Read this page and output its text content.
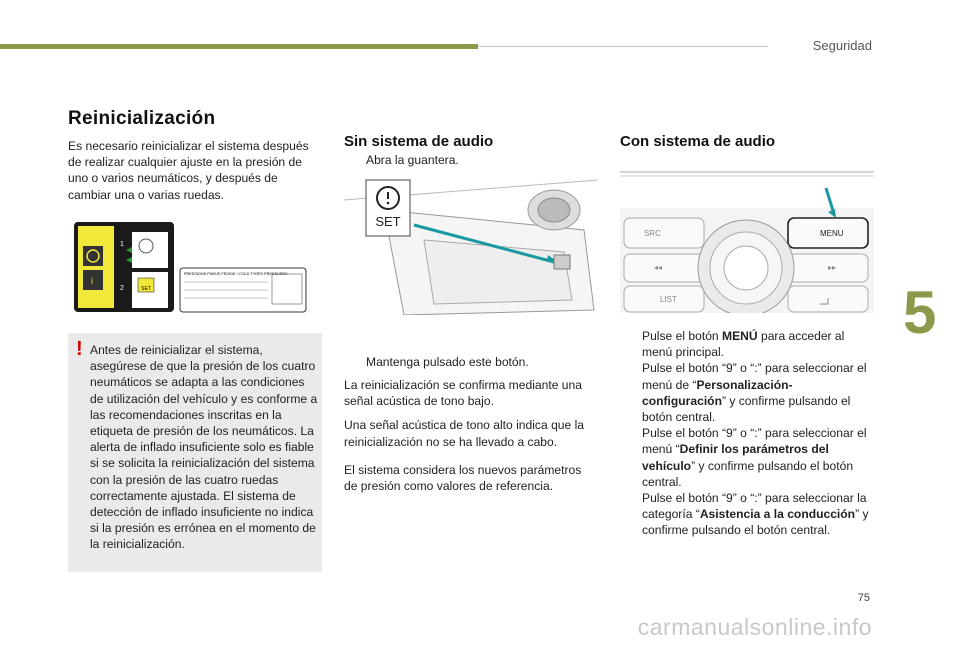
Seguridad
5
Reinicialización

Es necesario reinicializar el sistema después de realizar cualquier ajuste en la presión de uno o varios neumáticos, y después de cambiar una o varias ruedas.

i
1
2	SET
PRESSIONS PNEUS FROIDE / COLD TYRES PRESSURES
! Antes de reinicializar el sistema, asegúrese de que la presión de los cuatro neumáticos se adapta a las condiciones de utilización del vehículo y es conforme a las recomendaciones inscritas en la etiqueta de presión de los neumáticos. La alerta de inflado insuficiente solo es fiable si se solicita la reinicialización del sistema con la presión de las cuatro ruedas correctamente ajustada. El sistema de detección de inflado insuficiente no indica si la presión es errónea en el momento de la reinicialización.
Sin sistema de audio
Abra la guantera.
SET
Mantenga pulsado este botón.

La reinicialización se confirma mediante una señal acústica de tono bajo.

Una señal acústica de tono alto indica que la reinicialización no se ha llevado a cabo.

El sistema considera los nuevos parámetros de presión como valores de referencia.

Con sistema de audio
SRC
◂◂
LIST
MENU
▸▸
Pulse el botón MENÚ para acceder al menú principal.
Pulse el botón “9” o “:” para seleccionar el menú de “Personalización-configuración” y confirme pulsando el botón central.
Pulse el botón “9” o “:” para seleccionar el menú “Definir los parámetros del vehículo” y confirme pulsando el botón central.
Pulse el botón “9” o “:” para seleccionar la categoría “Asistencia a la conducción” y confirme pulsando el botón central.
75
carmanualsonline.info
